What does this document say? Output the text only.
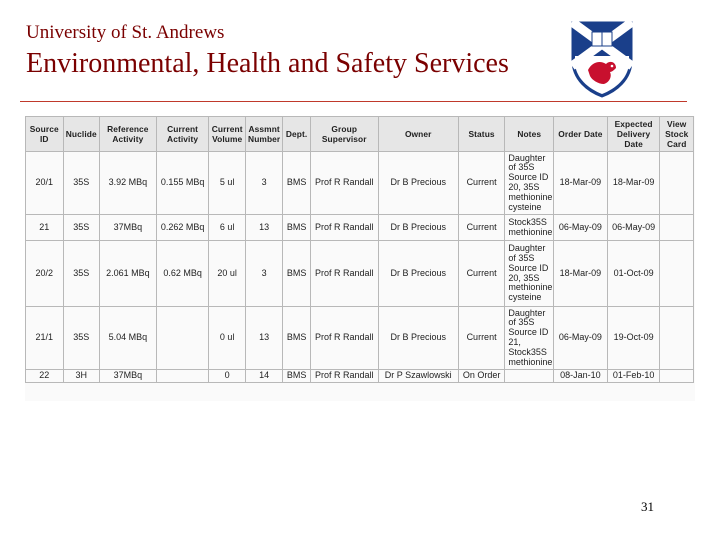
University of St. Andrews
Environmental, Health and Safety Services
Source ID	Nuclide	Reference Activity	Current Activity	Current Volume	Assmnt Number	Dept.	Group Supervisor	Owner	Status	Notes	Order Date	Expected Delivery Date	View Stock Card
20/1	35S	3.92 MBq	0.155 MBq	5 ul	3	BMS	Prof R Randall	Dr B Precious	Current	Daughter of 35S Source ID 20, 35S methionine cysteine	18-Mar-09	18-Mar-09	
21	35S	37MBq	0.262 MBq	6 ul	13	BMS	Prof R Randall	Dr B Precious	Current	Stock35S methionine	06-May-09	06-May-09	
20/2	35S	2.061 MBq	0.62 MBq	20 ul	3	BMS	Prof R Randall	Dr B Precious	Current	Daughter of 35S Source ID 20, 35S methionine cysteine	18-Mar-09	01-Oct-09	
21/1	35S	5.04 MBq		0 ul	13	BMS	Prof R Randall	Dr B Precious	Current	Daughter of 35S Source ID 21, Stock35S methionine	06-May-09	19-Oct-09	
22	3H	37MBq		0	14	BMS	Prof R Randall	Dr P Szawlowski	On Order		08-Jan-10	01-Feb-10	
31
